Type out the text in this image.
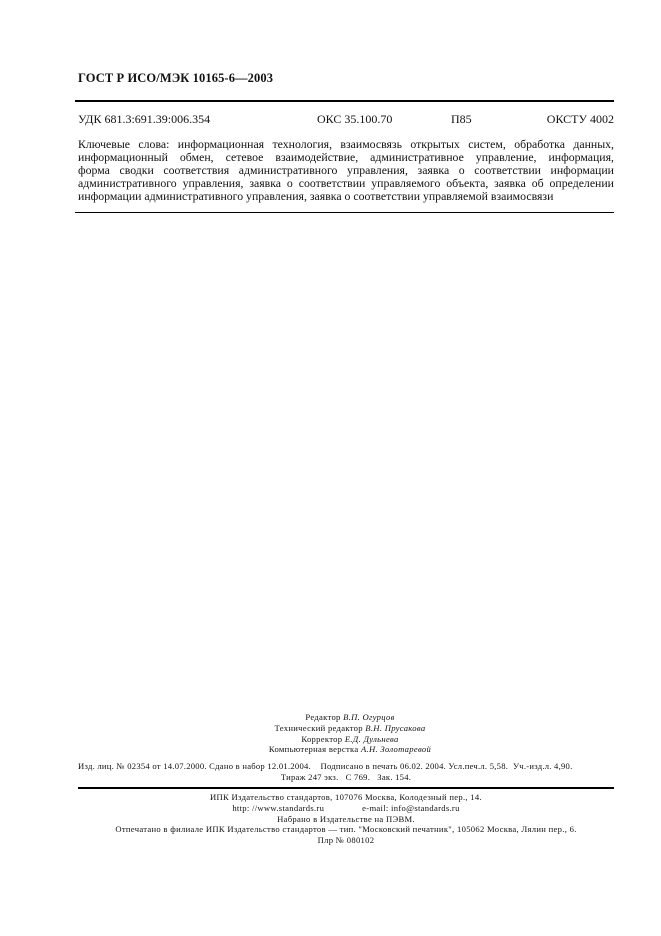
ГОСТ Р ИСО/МЭК 10165-6—2003
УДК 681.3:691.39:006.354	ОКС 35.100.70	П85	ОКСТУ 4002

Ключевые слова: информационная технология, взаимосвязь открытых систем, обработка данных,

информационный обмен, сетевое взаимодействие, административное управление, информация,

форма сводки соответствия административного управления, заявка о соответствии информации

административного управления, заявка о соответствии управляемого объекта, заявка об определении

информации административного управления, заявка о соответствии управляемой взаимосвязи

Редактор В.П. Огурцов
Технический редактор В.Н. Прусакова
Корректор Е.Д. Дульнева
Компьютерная верстка А.Н. Золотаревой
Изд. лиц. № 02354 от 14.07.2000. Сдано в набор 12.01.2004.    Подписано в печать 06.02. 2004. Усл.печ.л. 5,58.  Уч.-изд.л. 4,90.
Тираж 247 экз.   С 769.   Зак. 154.
ИПК Издательство стандартов, 107076 Москва, Колодезный пер., 14.
http: //www.standards.ru	e-mail: info@standards.ru
Набрано в Издательстве на ПЭВМ.
Отпечатано в филиале ИПК Издательство стандартов — тип. "Московский печатник", 105062 Москва, Лялин пер., 6.
Плр № 080102
